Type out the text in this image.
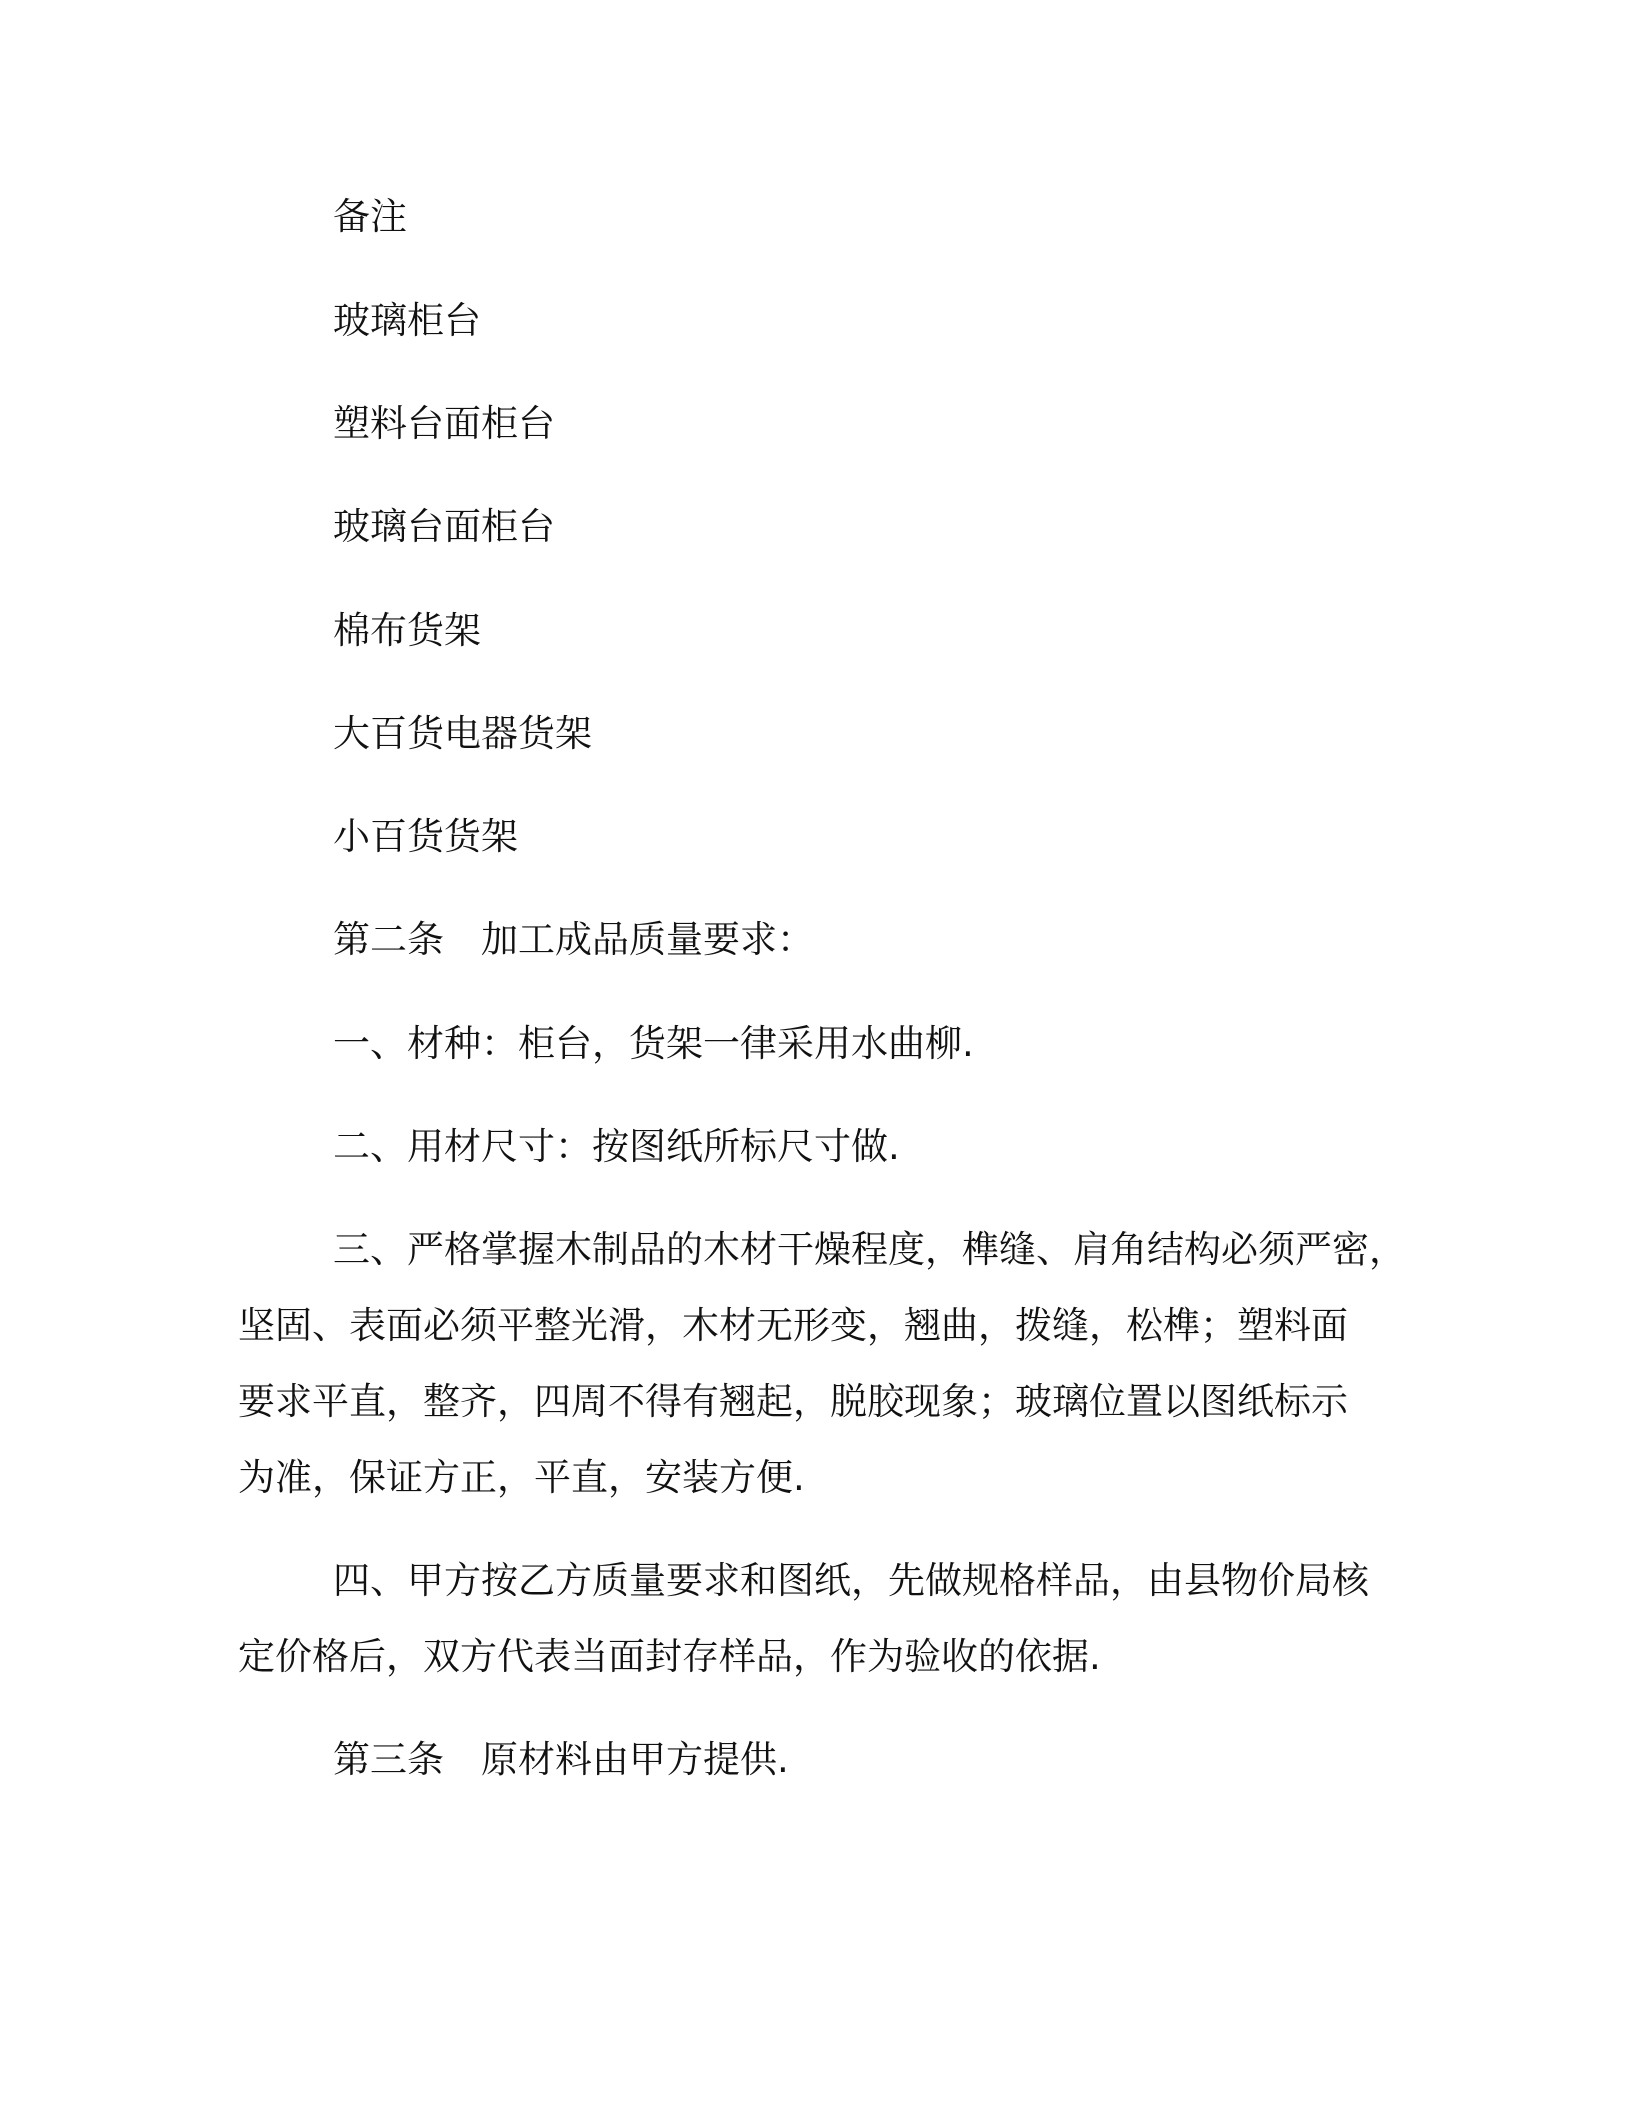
备注

玻璃柜台

塑料台面柜台

玻璃台面柜台

棉布货架

大百货电器货架

小百货货架

第二条　加工成品质量要求：

一、材种：柜台，货架一律采用水曲柳.

二、用材尺寸：按图纸所标尺寸做.

三、严格掌握木制品的木材干燥程度，榫缝、肩角结构必须严密，

坚固、表面必须平整光滑，木材无形变，翘曲，拨缝，松榫；塑料面

要求平直，整齐，四周不得有翘起，脱胶现象；玻璃位置以图纸标示

为准，保证方正，平直，安装方便.

四、甲方按乙方质量要求和图纸，先做规格样品，由县物价局核

定价格后，双方代表当面封存样品，作为验收的依据.

第三条　原材料由甲方提供.
